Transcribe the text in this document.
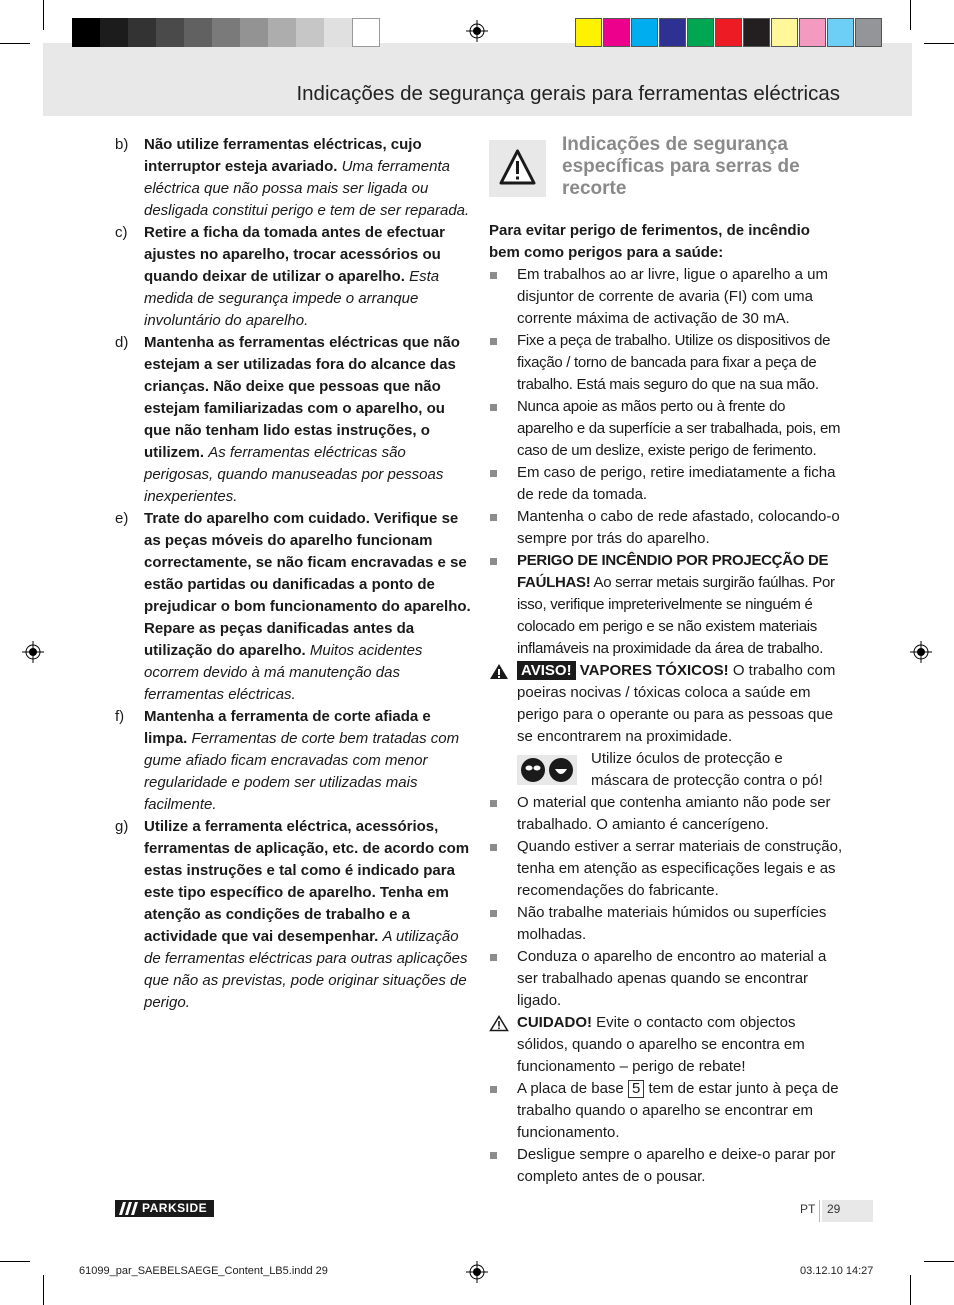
Indicações de segurança gerais para ferramentas eléctricas
b) Não utilize ferramentas eléctricas, cujo interruptor esteja avariado. Uma ferramenta eléctrica que não possa mais ser ligada ou desligada constitui perigo e tem de ser reparada.
c) Retire a ficha da tomada antes de efectuar ajustes no aparelho, trocar acessórios ou quando deixar de utilizar o aparelho. Esta medida de segurança impede o arranque involuntário do aparelho.
d) Mantenha as ferramentas eléctricas que não estejam a ser utilizadas fora do alcance das crianças. Não deixe que pessoas que não estejam familiarizadas com o aparelho, ou que não tenham lido estas instruções, o utilizem. As ferramentas eléctricas são perigosas, quando manuseadas por pessoas inexperientes.
e) Trate do aparelho com cuidado. Verifique se as peças móveis do aparelho funcionam correctamente, se não ficam encravadas e se estão partidas ou danificadas a ponto de prejudicar o bom funcionamento do aparelho. Repare as peças danificadas antes da utilização do aparelho. Muitos acidentes ocorrem devido à má manutenção das ferramentas eléctricas.
f) Mantenha a ferramenta de corte afiada e limpa. Ferramentas de corte bem tratadas com gume afiado ficam encravadas com menor regularidade e podem ser utilizadas mais facilmente.
g) Utilize a ferramenta eléctrica, acessórios, ferramentas de aplicação, etc. de acordo com estas instruções e tal como é indicado para este tipo específico de aparelho. Tenha em atenção as condições de trabalho e a actividade que vai desempenhar. A utilização de ferramentas eléctricas para outras aplicações que não as previstas, pode originar situações de perigo.
Indicações de segurança específicas para serras de recorte
Para evitar perigo de ferimentos, de incêndio bem como perigos para a saúde:
Em trabalhos ao ar livre, ligue o aparelho a um disjuntor de corrente de avaria (FI) com uma corrente máxima de activação de 30 mA.
Fixe a peça de trabalho. Utilize os dispositivos de fixação / torno de bancada para fixar a peça de trabalho. Está mais seguro do que na sua mão.
Nunca apoie as mãos perto ou à frente do aparelho e da superfície a ser trabalhada, pois, em caso de um deslize, existe perigo de ferimento.
Em caso de perigo, retire imediatamente a ficha de rede da tomada.
Mantenha o cabo de rede afastado, colocando-o sempre por trás do aparelho.
PERIGO DE INCÊNDIO POR PROJECÇÃO DE FAÚLHAS! Ao serrar metais surgirão faúlhas. Por isso, verifique impreterivelmente se ninguém é colocado em perigo e se não existem materiais inflamáveis na proximidade da área de trabalho.
AVISO! VAPORES TÓXICOS! O trabalho com poeiras nocivas / tóxicas coloca a saúde em perigo para o operante ou para as pessoas que se encontrarem na proximidade.
Utilize óculos de protecção e máscara de protecção contra o pó!
O material que contenha amianto não pode ser trabalhado. O amianto é cancerígeno.
Quando estiver a serrar materiais de construção, tenha em atenção as especificações legais e as recomendações do fabricante.
Não trabalhe materiais húmidos ou superfícies molhadas.
Conduza o aparelho de encontro ao material a ser trabalhado apenas quando se encontrar ligado.
CUIDADO! Evite o contacto com objectos sólidos, quando o aparelho se encontra em funcionamento – perigo de rebate!
A placa de base 5 tem de estar junto à peça de trabalho quando o aparelho se encontrar em funcionamento.
Desligue sempre o aparelho e deixe-o parar por completo antes de o pousar.
PARKSIDE	PT 29
61099_par_SAEBELSAEGE_Content_LB5.indd 29	03.12.10 14:27
